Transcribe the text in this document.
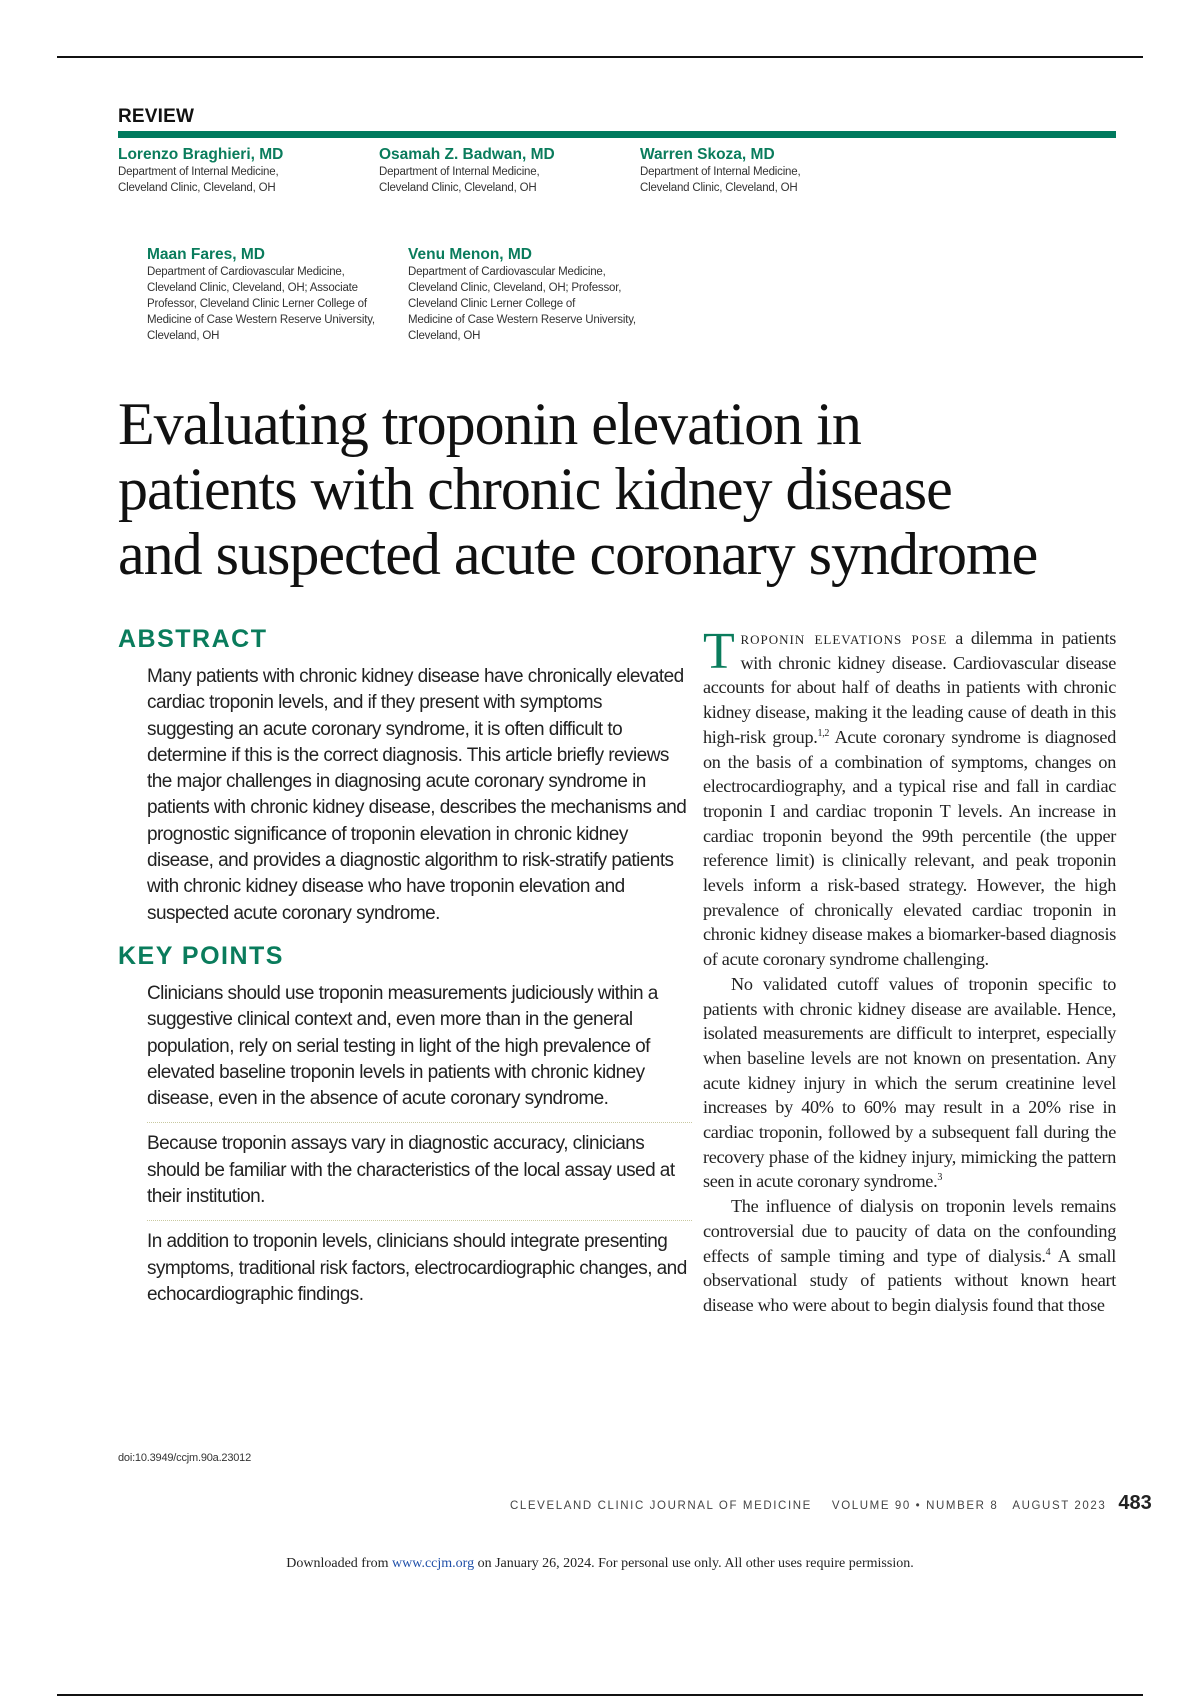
REVIEW
Lorenzo Braghieri, MD
Department of Internal Medicine,
Cleveland Clinic, Cleveland, OH
Osamah Z. Badwan, MD
Department of Internal Medicine,
Cleveland Clinic, Cleveland, OH
Warren Skoza, MD
Department of Internal Medicine,
Cleveland Clinic, Cleveland, OH
Maan Fares, MD
Department of Cardiovascular Medicine,
Cleveland Clinic, Cleveland, OH; Associate
Professor, Cleveland Clinic Lerner College of
Medicine of Case Western Reserve University,
Cleveland, OH
Venu Menon, MD
Department of Cardiovascular Medicine,
Cleveland Clinic, Cleveland, OH; Professor,
Cleveland Clinic Lerner College of
Medicine of Case Western Reserve University,
Cleveland, OH
Evaluating troponin elevation in
patients with chronic kidney disease
and suspected acute coronary syndrome
ABSTRACT
Many patients with chronic kidney disease have chronically elevated cardiac troponin levels, and if they present with symptoms suggesting an acute coronary syndrome, it is often difficult to determine if this is the correct diagnosis. This article briefly reviews the major challenges in diagnosing acute coronary syndrome in patients with chronic kidney disease, describes the mechanisms and prognostic significance of troponin elevation in chronic kidney disease, and provides a diagnostic algorithm to risk-stratify patients with chronic kidney disease who have troponin elevation and suspected acute coronary syndrome.
KEY POINTS
Clinicians should use troponin measurements judiciously within a suggestive clinical context and, even more than in the general population, rely on serial testing in light of the high prevalence of elevated baseline troponin levels in patients with chronic kidney disease, even in the absence of acute coronary syndrome.
Because troponin assays vary in diagnostic accuracy, clinicians should be familiar with the characteristics of the local assay used at their institution.
In addition to troponin levels, clinicians should integrate presenting symptoms, traditional risk factors, electrocardiographic changes, and echocardiographic findings.
doi:10.3949/ccjm.90a.23012

Troponin elevations pose a dilemma in patients with chronic kidney disease. Cardiovascular disease accounts for about half of deaths in patients with chronic kidney disease, making it the leading cause of death in this high-risk group.$^{1,2}$ Acute coronary syndrome is diagnosed on the basis of a combination of symptoms, changes on electrocardiography, and a typical rise and fall in cardiac troponin I and cardiac troponin T levels. An increase in cardiac troponin beyond the 99th percentile (the upper reference limit) is clinically relevant, and peak troponin levels inform a risk-based strategy. However, the high prevalence of chronically elevated cardiac troponin in chronic kidney disease makes a biomarker-based diagnosis of acute coronary syndrome challenging.

No validated cutoff values of troponin specific to patients with chronic kidney disease are available. Hence, isolated measurements are difficult to interpret, especially when baseline levels are not known on presentation. Any acute kidney injury in which the serum creatinine level increases by 40% to 60% may result in a 20% rise in cardiac troponin, followed by a subsequent fall during the recovery phase of the kidney injury, mimicking the pattern seen in acute coronary syndrome.$^3$

The influence of dialysis on troponin levels remains controversial due to paucity of data on the confounding effects of sample timing and type of dialysis.$^4$ A small observational study of patients without known heart disease who were about to begin dialysis found that those

CLEVELAND CLINIC JOURNAL OF MEDICINE VOLUME 90 • NUMBER 8 AUGUST 2023 483
Downloaded from www.ccjm.org on January 26, 2024. For personal use only. All other uses require permission.
